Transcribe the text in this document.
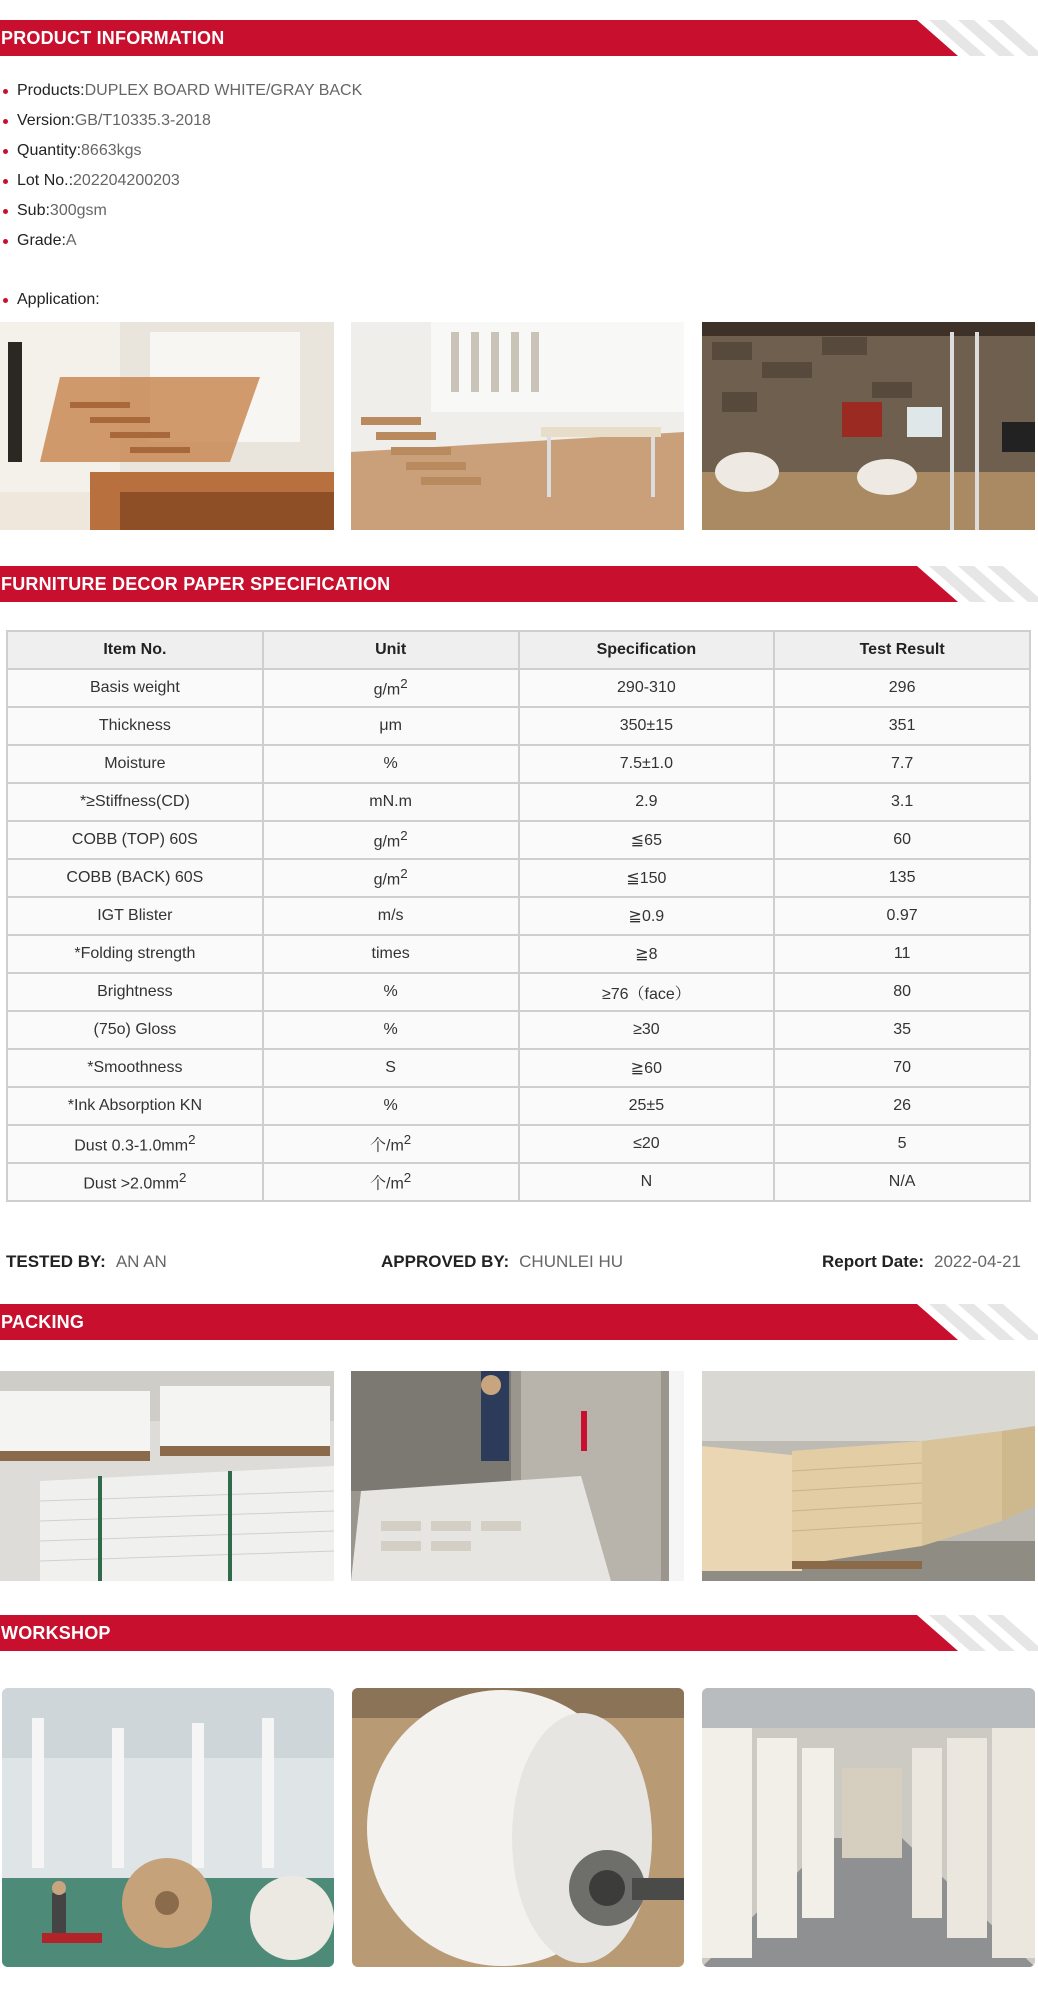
PRODUCT INFORMATION
Products:DUPLEX BOARD WHITE/GRAY BACK
Version:GB/T10335.3-2018
Quantity:8663kgs
Lot No.:202204200203
Sub:300gsm
Grade:A
Application:
FURNITURE DECOR PAPER SPECIFICATION
Item No.	Unit	Specification	Test Result
Basis weight	$g/m^2$	290-310	296
Thickness	μm	350±15	351
Moisture	%	7.5±1.0	7.7
*≥Stiffness(CD)	mN.m	2.9	3.1
COBB (TOP) 60S	$g/m^2$	≦65	60
COBB (BACK) 60S	$g/m^2$	≦150	135
IGT Blister	m/s	≧0.9	0.97
*Folding strength	times	≧8	11
Brightness	%	≥76（face）	80
(75o) Gloss	%	≥30	35
*Smoothness	S	≧60	70
*Ink Absorption KN	%	25±5	26
Dust $0.3-1.0mm^2$	个$/m^2$	≤20	5
Dust $>2.0mm^2$	个$/m^2$	N	N/A
TESTED BY: AN AN	APPROVED BY: CHUNLEI HU	Report Date: 2022-04-21
PACKING
WORKSHOP
